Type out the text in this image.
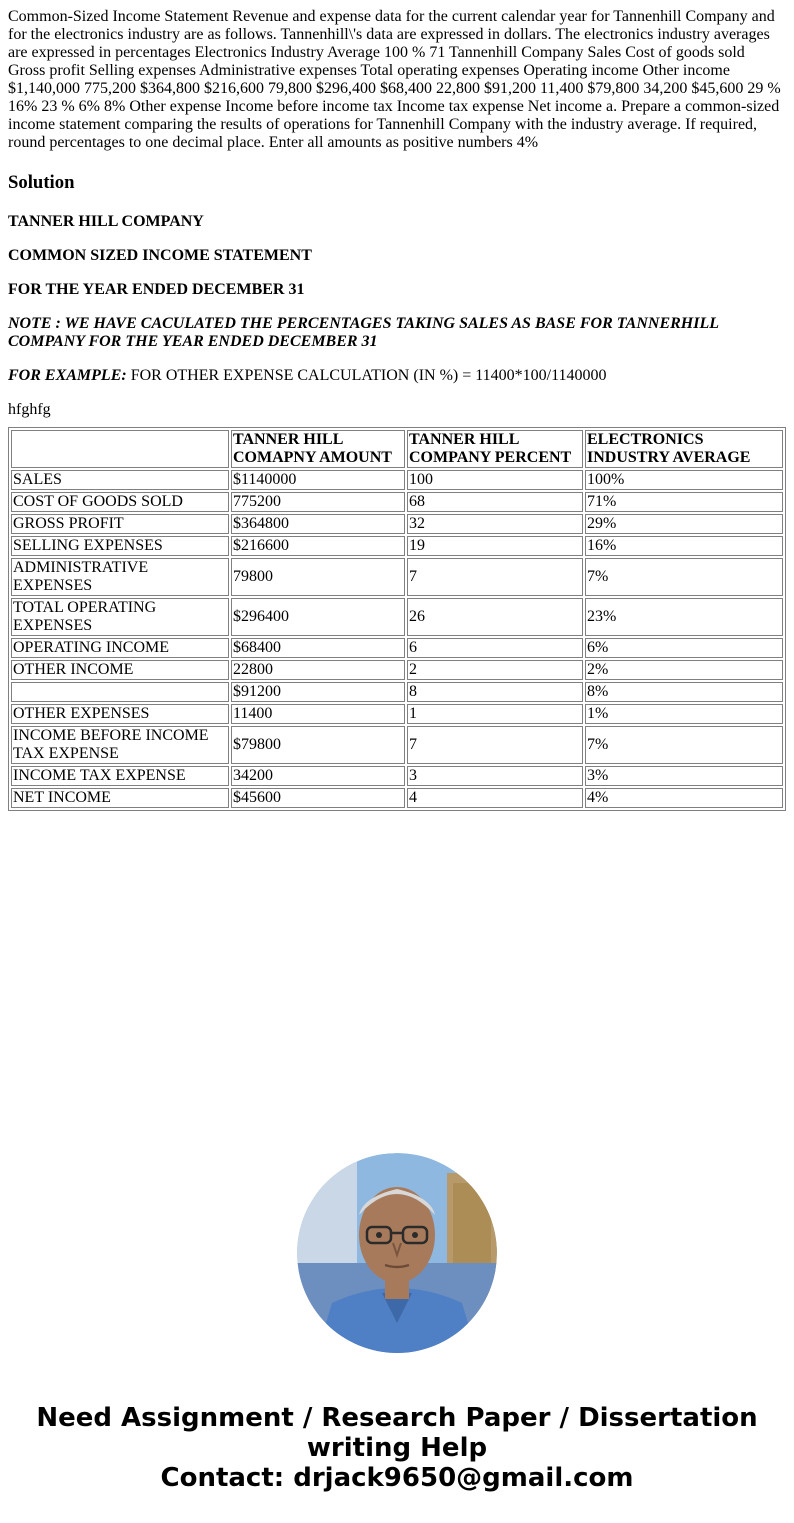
Common-Sized Income Statement Revenue and expense data for the current calendar year for Tannenhill Company and for the electronics industry are as follows. Tannenhill\'s data are expressed in dollars. The electronics industry averages are expressed in percentages Electronics Industry Average 100 % 71 Tannenhill Company Sales Cost of goods sold Gross profit Selling expenses Administrative expenses Total operating expenses Operating income Other income $1,140,000 775,200 $364,800 $216,600 79,800 $296,400 $68,400 22,800 $91,200 11,400 $79,800 34,200 $45,600 29 % 16% 23 % 6% 8% Other expense Income before income tax Income tax expense Net income a. Prepare a common-sized income statement comparing the results of operations for Tannenhill Company with the industry average. If required, round percentages to one decimal place. Enter all amounts as positive numbers 4%

Solution
TANNER HILL COMPANY
COMMON SIZED INCOME STATEMENT
FOR THE YEAR ENDED DECEMBER 31

NOTE : WE HAVE CACULATED THE PERCENTAGES TAKING SALES AS BASE FOR TANNERHILL COMPANY FOR THE YEAR ENDED DECEMBER 31

FOR EXAMPLE: FOR OTHER EXPENSE CALCULATION (IN %) = 11400*100/1140000

hfghfg

	TANNER HILL COMAPNY AMOUNT	TANNER HILL COMPANY PERCENT	ELECTRONICS INDUSTRY AVERAGE
SALES	$1140000	100	100%
COST OF GOODS SOLD	775200	68	71%
GROSS PROFIT	$364800	32	29%
SELLING EXPENSES	$216600	19	16%
ADMINISTRATIVE EXPENSES	79800	7	7%
TOTAL OPERATING EXPENSES	$296400	26	23%
OPERATING INCOME	$68400	6	6%
OTHER INCOME	22800	2	2%
	$91200	8	8%
OTHER EXPENSES	11400	1	1%
INCOME BEFORE INCOME TAX EXPENSE	$79800	7	7%
INCOME TAX EXPENSE	34200	3	3%
NET INCOME	$45600	4	4%
Need Assignment / Research Paper / Dissertation
writing Help
Contact: drjack9650@gmail.com
